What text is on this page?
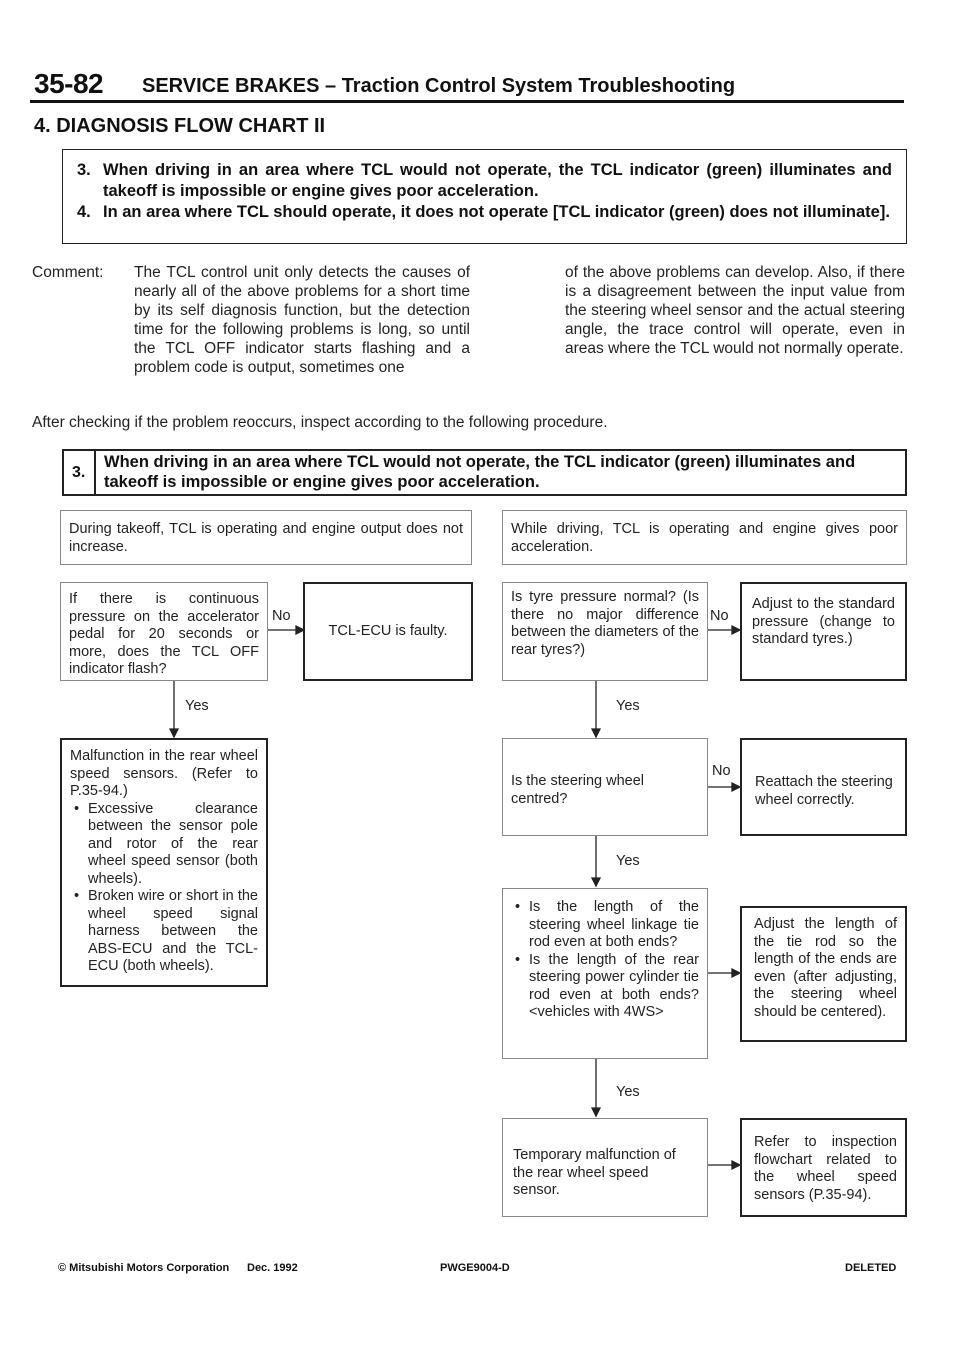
35-82 SERVICE BRAKES – Traction Control System Troubleshooting
4. DIAGNOSIS FLOW CHART II
3. When driving in an area where TCL would not operate, the TCL indicator (green) illuminates and takeoff is impossible or engine gives poor acceleration.
4. In an area where TCL should operate, it does not operate [TCL indicator (green) does not illuminate].
Comment: The TCL control unit only detects the causes of nearly all of the above problems for a short time by its self diagnosis function, but the detection time for the following problems is long, so until the TCL OFF indicator starts flashing and a problem code is output, sometimes one

of the above problems can develop. Also, if there is a disagreement between the input value from the steering wheel sensor and the actual steering angle, the trace control will operate, even in areas where the TCL would not normally operate.

After checking if the problem reoccurs, inspect according to the following procedure.
3.
When driving in an area where TCL would not operate, the TCL indicator (green) illuminates and takeoff is impossible or engine gives poor acceleration.

During takeoff, TCL is operating and engine output does not increase.

If there is continuous pressure on the accelerator pedal for 20 seconds or more, does the TCL OFF indicator flash?

No
TCL-ECU is faulty.
Yes

Malfunction in the rear wheel speed sensors. (Refer to P.35-94.)

• Excessive clearance between the sensor pole and rotor of the rear wheel speed sensor (both wheels).
• Broken wire or short in the wheel speed signal harness between the ABS-ECU and the TCL-ECU (both wheels).

While driving, TCL is operating and engine gives poor acceleration.

Is tyre pressure normal? (Is there no major difference between the diameters of the rear tyres?)

No

Adjust to the standard pressure (change to standard tyres.)

Yes
Is the steering wheel centred?
No
Reattach the steering wheel correctly.
Yes
• Is the length of the steering wheel linkage tie rod even at both ends?
• Is the length of the rear steering power cylinder tie rod even at both ends? <vehicles with 4WS>

Adjust the length of the tie rod so the length of the ends are even (after adjusting, the steering wheel should be centered).

Yes
Temporary malfunction of the rear wheel speed sensor.

Refer to inspection flowchart related to the wheel speed sensors (P.35-94).

© Mitsubishi Motors Corporation Dec. 1992	PWGE9004-D	DELETED
